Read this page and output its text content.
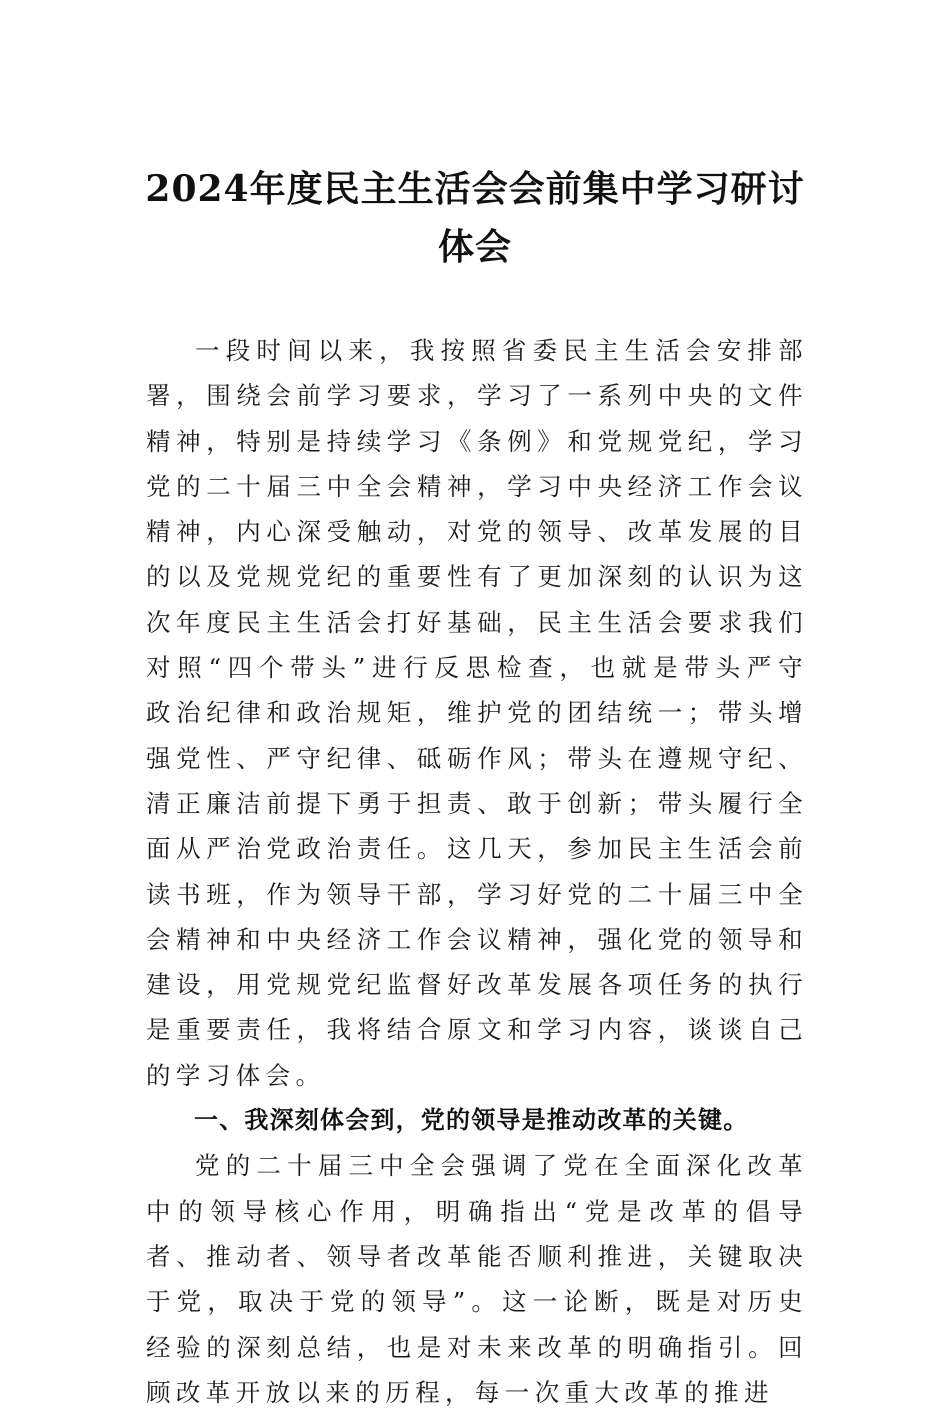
2024年度民主生活会会前集中学习研讨体会

一段时间以来，我按照省委民主生活会安排部署，围绕会前学习要求，学习了一系列中央的文件精神，特别是持续学习《条例》和党规党纪，学习党的二十届三中全会精神，学习中央经济工作会议精神，内心深受触动，对党的领导、改革发展的目的以及党规党纪的重要性有了更加深刻的认识为这次年度民主生活会打好基础，民主生活会要求我们对照“四个带头”进行反思检查，也就是带头严守政治纪律和政治规矩，维护党的团结统一；带头增强党性、严守纪律、砥砺作风；带头在遵规守纪、清正廉洁前提下勇于担责、敢于创新；带头履行全面从严治党政治责任。这几天，参加民主生活会前读书班，作为领导干部，学习好党的二十届三中全会精神和中央经济工作会议精神，强化党的领导和建设，用党规党纪监督好改革发展各项任务的执行是重要责任，我将结合原文和学习内容，谈谈自己的学习体会。

一、我深刻体会到，党的领导是推动改革的关键。

党的二十届三中全会强调了党在全面深化改革中的领导核心作用，明确指出“党是改革的倡导者、推动者、领导者改革能否顺利推进，关键取决于党，取决于党的领导”。这一论断，既是对历史经验的深刻总结，也是对未来改革的明确指引。回顾改革开放以来的历程，每一次重大改革的推进
